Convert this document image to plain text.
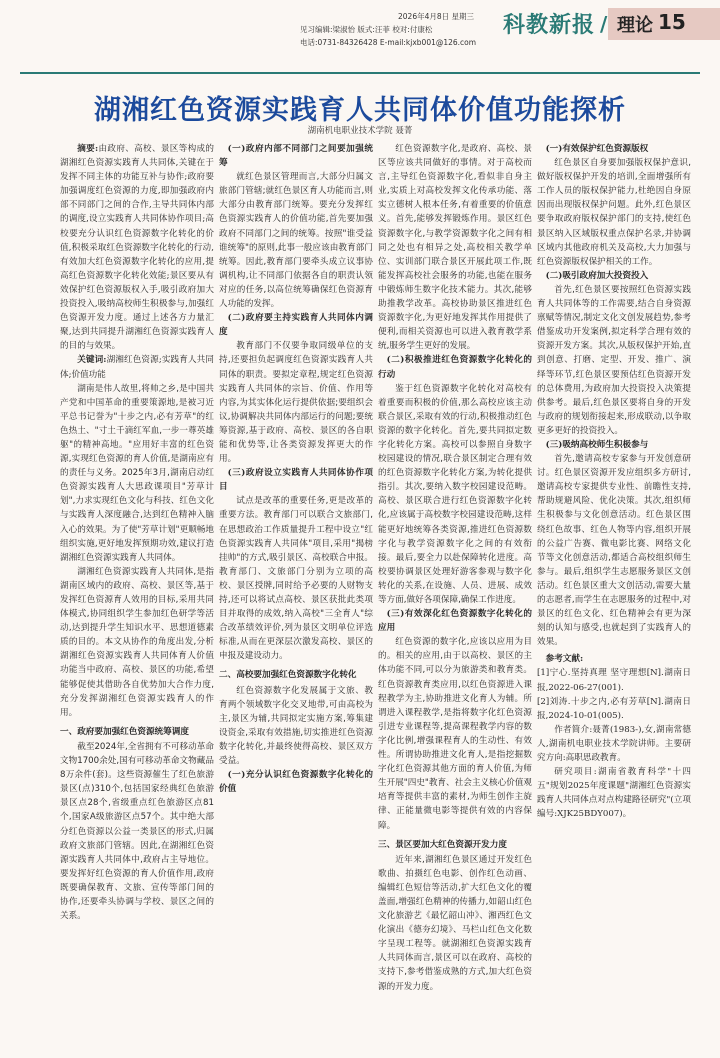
2026年4月8日 星期三
见习编辑:梁淑怡 版式:汪菲 校对:付康松
电话:0731-84326428 E-mail:kjxb001@126.com
科教新报 / 理论 15
湖湘红色资源实践育人共同体价值功能探析
湖南机电职业技术学院 聂菁

摘要:由政府、高校、景区等构成的湖湘红色资源实践育人共同体,关键在于发挥不同主体的功能互补与协作;政府要加强调度红色资源的力度,即加强政府内部不同部门之间的合作,主导共同体内部的调度,设立实践育人共同体协作项目;高校要充分认识红色资源数字化转化的价值,积极采取红色资源数字化转化的行动,有效加大红色资源数字化转化的应用,提高红色资源数字化转化效能;景区要从有效保护红色资源版权入手,吸引政府加大投资投入,吸纳高校师生积极参与,加强红色资源开发力度。通过上述各方力量汇聚,达到共同提升湖湘红色资源实践育人的目的与效果。

关键词:湖湘红色资源;实践育人共同体;价值功能

湖南是伟人故里,将帅之乡,是中国共产党和中国革命的重要策源地,是被习近平总书记誉为"十步之内,必有芳草"的红色热土、"寸土千滴红军血,一步一尊英雄躯"的精神高地。"应用好丰富的红色资源,实现红色资源的育人价值,是湖南应有的责任与义务。2025年3月,湖南启动红色资源实践育人大思政课项目"芳草计划",力求实现红色文化与科技、红色文化与实践育人深度融合,达到红色精神入脑入心的效果。为了使"芳草计划"更顺畅地组织实施,更好地发挥预期功效,建议打造湖湘红色资源实践育人共同体。

湖湘红色资源实践育人共同体,是指湖南区域内的政府、高校、景区等,基于发挥红色资源育人效用的目标,采用共同体模式,协同组织学生参加红色研学等活动,达到提升学生知识水平、思想道德素质的目的。本文从协作的角度出发,分析湖湘红色资源实践育人共同体育人价值功能当中政府、高校、景区的功能,希望能够促使其借助各自优势加大合作力度,充分发挥湖湘红色资源实践育人的作用。

一、政府要加强红色资源统筹调度

截至2024年,全省拥有不可移动革命文物1700余处,国有可移动革命文物藏品8万余件(套)。这些资源催生了红色旅游景区(点)310个,包括国家经典红色旅游景区点28个,省级重点红色旅游区点81个,国家A级旅游区点57个。其中绝大部分红色资源以公益一类景区的形式,归属政府文旅部门管辖。因此,在湖湘红色资源实践育人共同体中,政府占主导地位。要发挥好红色资源的育人价值作用,政府既要确保教育、文旅、宣传等部门间的协作,还要牵头协调与学校、景区之间的关系。

(一)政府内部不同部门之间要加强统筹

就红色景区管理而言,大部分归属文旅部门管辖;就红色景区育人功能而言,则大部分由教育部门统筹。要充分发挥红色资源实践育人的价值功能,首先要加强政府不同部门之间的统筹。按照"谁受益谁统筹"的原则,此事一般应该由教育部门统筹。因此,教育部门要牵头成立议事协调机构,让不同部门依据各自的职责认领对应的任务,以高位统筹确保红色资源育人功能的发挥。

(二)政府要主持实践育人共同体内调度

教育部门不仅要争取同级单位的支持,还要担负起调度红色资源实践育人共同体的职责。要拟定章程,规定红色资源实践育人共同体的宗旨、价值、作用等内容,为其实体化运行提供依据;要组织会议,协调解决共同体内部运行的问题;要统筹资源,基于政府、高校、景区的各自职能和优势等,让各类资源发挥更大的作用。

(三)政府设立实践育人共同体协作项目

试点是改革的重要任务,更是改革的重要方法。教育部门可以联合文旅部门,在思想政治工作质量提升工程中设立"红色资源实践育人共同体"项目,采用"揭榜挂帅"的方式,吸引景区、高校联合申报。教育部门、文旅部门分别为立项的高校、景区授牌,同时给予必要的人财物支持,还可以将试点高校、景区获批此类项目并取得的成效,纳入高校"三全育人"综合改革绩效评价,列为景区文明单位评选标准,从而在更深层次激发高校、景区的申报及建设动力。

二、高校要加强红色资源数字化转化

红色资源数字化发展属于文旅、教育两个领域数字化交叉地带,可由高校为主,景区为辅,共同拟定实施方案,筹集建设资金,采取有效措施,切实推进红色资源数字化转化,并最终使得高校、景区双方受益。

(一)充分认识红色资源数字化转化的价值

红色资源数字化,是政府、高校、景区等应该共同做好的事情。对于高校而言,主导红色资源数字化,看似非自身主业,实质上对高校发挥文化传承功能、落实立德树人根本任务,有着重要的价值意义。首先,能够发挥锻炼作用。景区红色资源数字化,与教学资源数字化之间有相同之处也有相异之处,高校相关教学单位、实训部门联合景区开展此项工作,既能发挥高校社会服务的功能,也能在服务中锻炼师生数字化技术能力。其次,能够助推教学改革。高校协助景区推进红色资源数字化,为更好地发挥其作用提供了便利,而相关资源也可以进入教育教学系统,服务学生更好的发展。

(二)积极推进红色资源数字化转化的行动

鉴于红色资源数字化转化对高校有着重要而积极的价值,那么高校应该主动联合景区,采取有效的行动,积极推动红色资源的数字化转化。首先,要共同拟定数字化转化方案。高校可以参照自身数字校园建设的情况,联合景区制定合理有效的红色资源数字化转化方案,为转化提供指引。其次,要纳入数字校园建设范畴。高校、景区联合进行红色资源数字化转化,应该属于高校数字校园建设范畴,这样能更好地统筹各类资源,推进红色资源数字化与教学资源数字化之间的有效衔接。最后,要全力以赴保障转化进度。高校要协调景区处理好游客参观与数字化转化的关系,在设施、人员、进展、成效等方面,做好各项保障,确保工作进度。

(三)有效深化红色资源数字化转化的应用

红色资源的数字化,应该以应用为目的。相关的应用,由于以高校、景区的主体功能不同,可以分为旅游类和教育类。红色资源教育类应用,以红色资源进入课程教学为主,协助推进文化育人为辅。所谓进入课程教学,是指将数字化红色资源引进专业课程等,提高课程教学内容的数字化比例,增强课程育人的生动性、有效性。所谓协助推进文化育人,是指挖掘数字化红色资源其他方面的育人价值,为师生开展"四史"教育、社会主义核心价值观培育等提供丰富的素材,为师生创作主旋律、正能量微电影等提供有效的内容保障。

三、景区要加大红色资源开发力度

近年来,湖湘红色景区通过开发红色歌曲、拍摄红色电影、创作红色动画、编辑红色短信等活动,扩大红色文化的覆盖面,增强红色精神的传播力,如韶山红色文化旅游艺《最忆韶山冲》、湘西红色文化演出《德夯幻境》、马栏山红色文化数字呈现工程等。就湖湘红色资源实践育人共同体而言,景区可以在政府、高校的支持下,参考借鉴成熟的方式,加大红色资源的开发力度。

(一)有效保护红色资源版权

红色景区自身要加强版权保护意识,做好版权保护开发的培训,全面增强所有工作人员的版权保护能力,杜绝因自身原因而出现版权保护问题。此外,红色景区要争取政府版权保护部门的支持,使红色景区纳入区域版权重点保护名录,并协调区域内其他政府机关及高校,大力加强与红色资源版权保护相关的工作。

(二)吸引政府加大投资投入

首先,红色景区要按照红色资源实践育人共同体等的工作需要,结合自身资源禀赋等情况,制定文化文创发展趋势,参考借鉴成功开发案例,拟定科学合理有效的资源开发方案。其次,从版权保护开始,直到创意、打磨、定型、开发、推广、演绎等环节,红色景区要预估红色资源开发的总体费用,为政府加大投资投入决策提供参考。最后,红色景区要将自身的开发与政府的规划衔接起来,形成联动,以争取更多更好的投资投入。

(三)吸纳高校师生积极参与

首先,邀请高校专家参与开发创意研讨。红色景区资源开发应组织多方研讨,邀请高校专家提供专业性、前瞻性支持,帮助规避风险、优化决策。其次,组织师生积极参与文化创意活动。红色景区围绕红色故事、红色人物等内容,组织开展的公益广告赛、微电影比赛、网络文化节等文化创意活动,都适合高校组织师生参与。最后,组织学生志愿服务景区文创活动。红色景区重大文创活动,需要大量的志愿者,而学生在志愿服务的过程中,对景区的红色文化、红色精神会有更为深刻的认知与感受,也就起到了实践育人的效果。

参考文献:

[1]宁心.坚持真理 坚守理想[N].湖南日报,2022-06-27(001).

[2]刘涛.十步之内,必有芳草[N].湖南日报,2024-10-01(005).

作者简介:聂菁(1983-),女,湖南常德人,湖南机电职业技术学院讲师。主要研究方向:高职思政教育。

研究项目:湖南省教育科学"十四五"规划2025年度课题"湖湘红色资源实践育人共同体点对点构建路径研究"(立项编号:XJK25BDY007)。
